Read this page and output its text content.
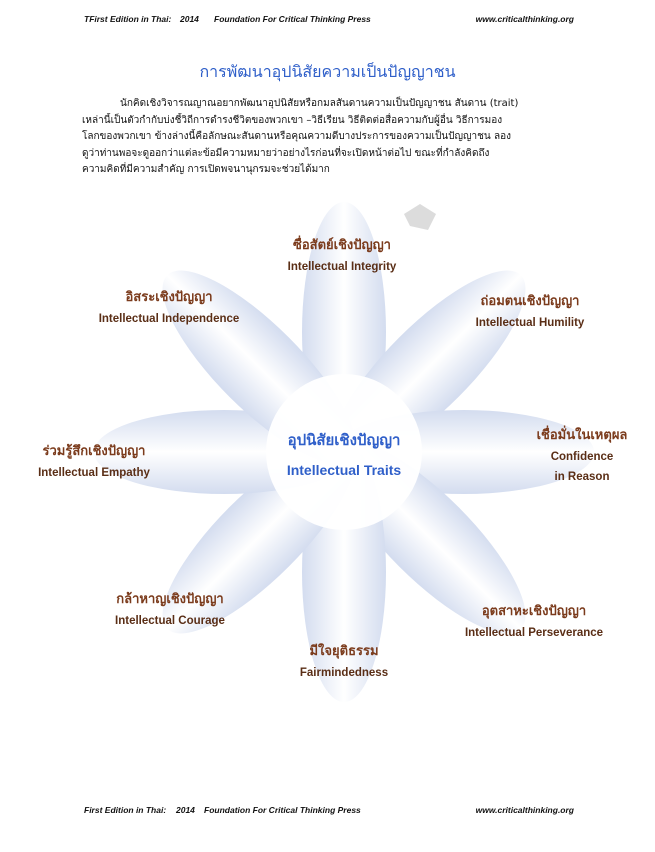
TFirst Edition in Thai: 2014 Foundation For Critical Thinking Press	www.criticalthinking.org
การพัฒนาอุปนิสัยความเป็นปัญญาชน
นักคิดเชิงวิจารณญาณอยากพัฒนาอุปนิสัยหรือกมลสันดานความเป็นปัญญาชน สันดาน (trait)
เหล่านี้เป็นตัวกำกับบ่งชี้วิถีการดำรงชีวิตของพวกเขา –วิธีเรียน วิธีติดต่อสื่อความกับผู้อื่น วิธีการมอง
โลกของพวกเขา ข้างล่างนี้คือลักษณะสันดานหรือคุณความดีบางประการของความเป็นปัญญาชน ลอง
ดูว่าท่านพอจะดูออกว่าแต่ละข้อมีความหมายว่าอย่างไรก่อนที่จะเปิดหน้าต่อไป ขณะที่กำลังคิดถึง
ความคิดที่มีความสำคัญ การเปิดพจนานุกรมจะช่วยได้มาก
อุปนิสัยเชิงปัญญา
Intellectual Traits
ซื่อสัตย์เชิงปัญญา
Intellectual Integrity
ถ่อมตนเชิงปัญญา
Intellectual Humility
เชื่อมั่นในเหตุผล
Confidence
in Reason
อุตสาหะเชิงปัญญา
Intellectual Perseverance
มีใจยุติธรรม
Fairmindedness
กล้าหาญเชิงปัญญา
Intellectual Courage
ร่วมรู้สึกเชิงปัญญา
Intellectual Empathy
อิสระเชิงปัญญา
Intellectual Independence
First Edition in Thai: 2014 Foundation For Critical Thinking Press	www.criticalthinking.org
